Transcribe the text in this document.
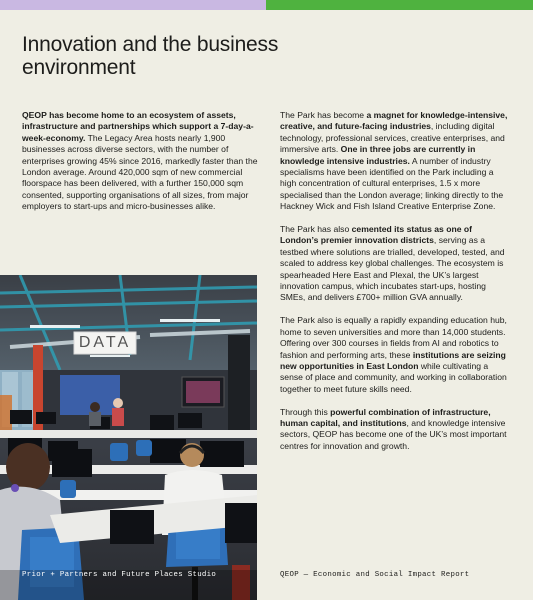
Innovation and the business environment

QEOP has become home to an ecosystem of assets, infrastructure and partnerships which support a 7-day-a-week-economy. The Legacy Area hosts nearly 1,900 businesses across diverse sectors, with the number of enterprises growing 45% since 2016, markedly faster than the London average. Around 420,000 sqm of new commercial floorspace has been delivered, with a further 150,000 sqm consented, supporting organisations of all sizes, from major employers to start-ups and micro-businesses alike.

The Park has become a magnet for knowledge-intensive, creative, and future-facing industries, including digital technology, professional services, creative enterprises, and immersive arts. One in three jobs are currently in knowledge intensive industries. A number of industry specialisms have been identified on the Park including a high concentration of cultural enterprises, 1.5 x more specialised than the London average; linking directly to the Hackney Wick and Fish Island Creative Enterprise Zone.

The Park has also cemented its status as one of London’s premier innovation districts, serving as a testbed where solutions are trialled, developed, tested, and scaled to address key global challenges. The ecosystem is spearheaded Here East and Plexal, the UK’s largest innovation campus, which incubates start-ups, hosting SMEs, and delivers £700+ million GVA annually.

The Park also is equally a rapidly expanding education hub, home to seven universities and more than 14,000 students. Offering over 300 courses in fields from AI and robotics to fashion and performing arts, these institutions are seizing new opportunities in East London while cultivating a sense of place and community, and working in collaboration together to meet future skills need.

Through this powerful combination of infrastructure, human capital, and institutions, and knowledge intensive sectors, QEOP has become one of the UK’s most important centres for innovation and growth.

DATA
Prior + Partners and Future Places Studio	QEOP — Economic and Social Impact Report
